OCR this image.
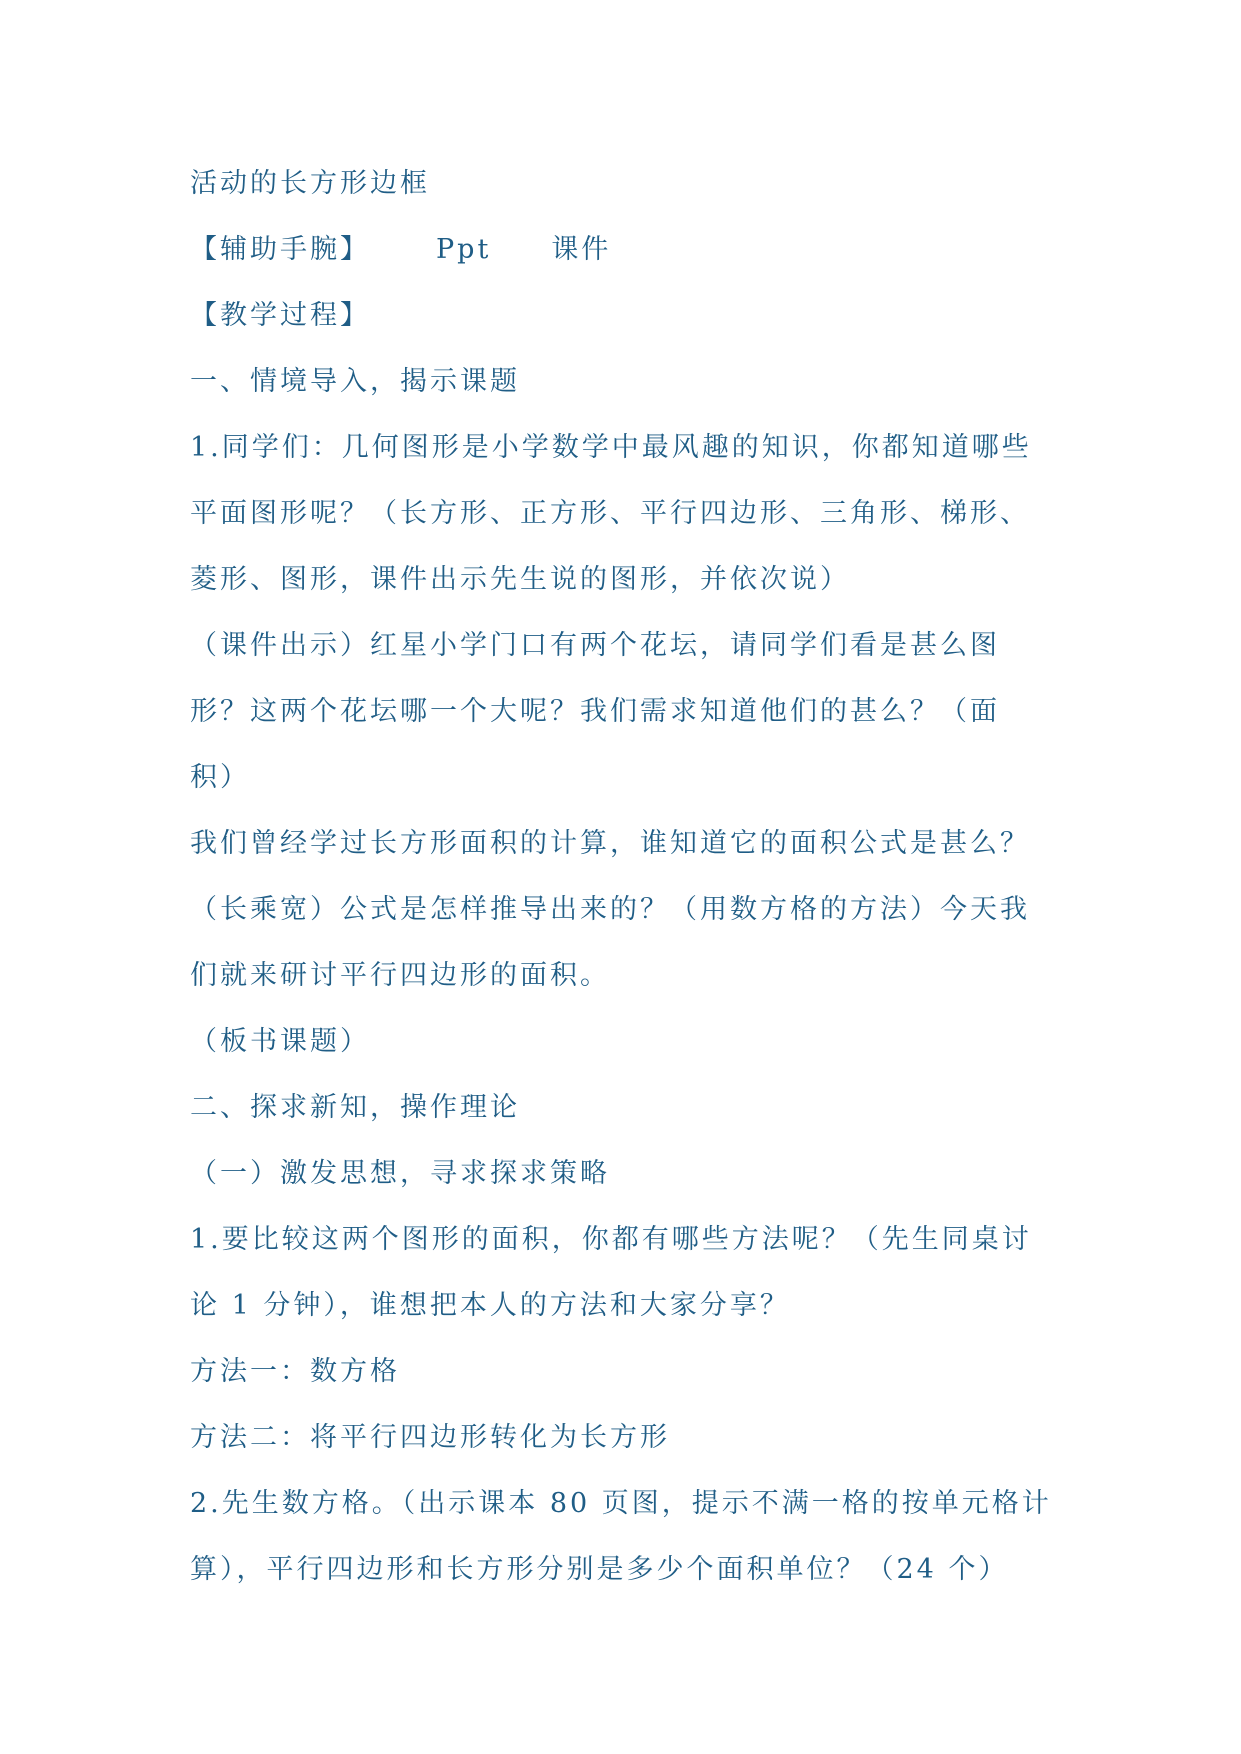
活动的长方形边框
【辅助手腕】 Ppt 课件
【教学过程】
一、情境导入，揭示课题
1.同学们：几何图形是小学数学中最风趣的知识，你都知道哪些
平面图形呢？（长方形、正方形、平行四边形、三角形、梯形、
菱形、图形，课件出示先生说的图形，并依次说）
（课件出示）红星小学门口有两个花坛，请同学们看是甚么图
形？这两个花坛哪一个大呢？我们需求知道他们的甚么？（面
积）
我们曾经学过长方形面积的计算，谁知道它的面积公式是甚么？
（长乘宽）公式是怎样推导出来的？（用数方格的方法）今天我
们就来研讨平行四边形的面积。
（板书课题）
二、探求新知，操作理论
（一）激发思想，寻求探求策略
1.要比较这两个图形的面积，你都有哪些方法呢？（先生同桌讨
论 1 分钟），谁想把本人的方法和大家分享？
方法一：数方格
方法二：将平行四边形转化为长方形
2.先生数方格。（出示课本 80 页图，提示不满一格的按单元格计
算），平行四边形和长方形分别是多少个面积单位？（24 个）
